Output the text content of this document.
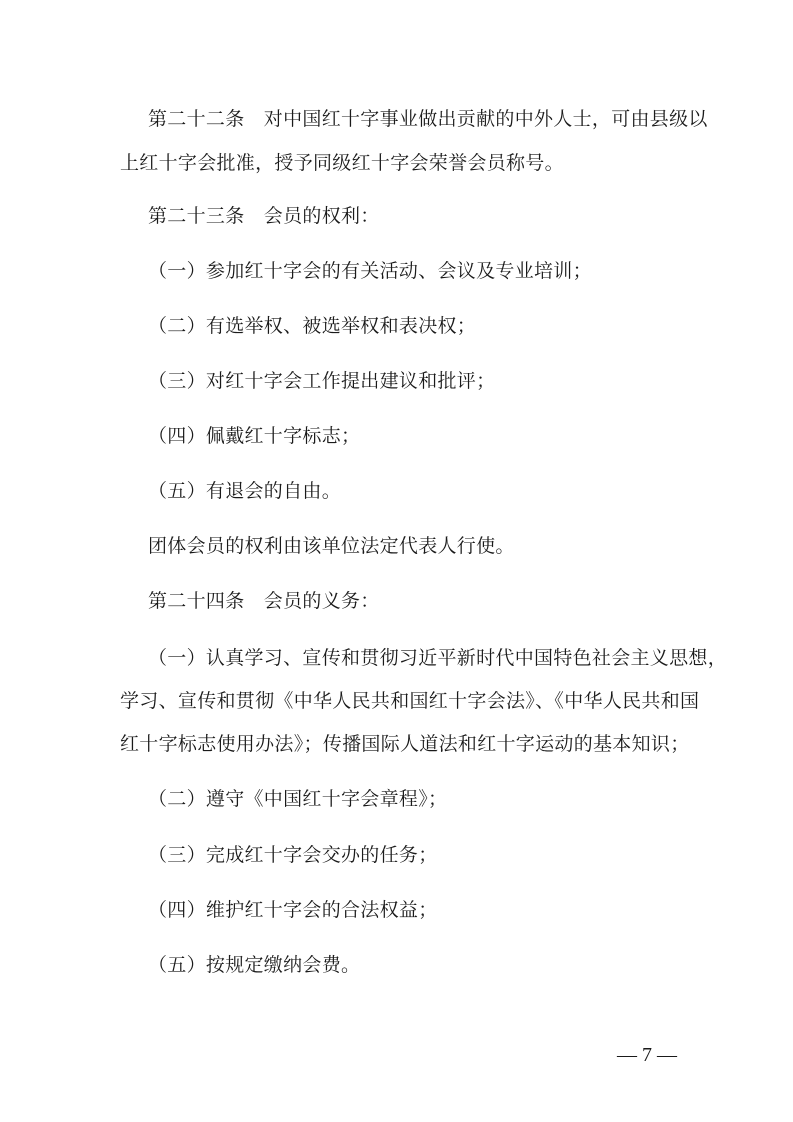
第二十二条　对中国红十字事业做出贡献的中外人士，可由县级以
上红十字会批准，授予同级红十字会荣誉会员称号。
第二十三条　会员的权利：
（一）参加红十字会的有关活动、会议及专业培训；
（二）有选举权、被选举权和表决权；
（三）对红十字会工作提出建议和批评；
（四）佩戴红十字标志；
（五）有退会的自由。
团体会员的权利由该单位法定代表人行使。
第二十四条　会员的义务：
（一）认真学习、宣传和贯彻习近平新时代中国特色社会主义思想，
学习、宣传和贯彻《中华人民共和国红十字会法》、《中华人民共和国
红十字标志使用办法》；传播国际人道法和红十字运动的基本知识；
（二）遵守《中国红十字会章程》；
（三）完成红十字会交办的任务；
（四）维护红十字会的合法权益；
（五）按规定缴纳会费。
— 7 —
